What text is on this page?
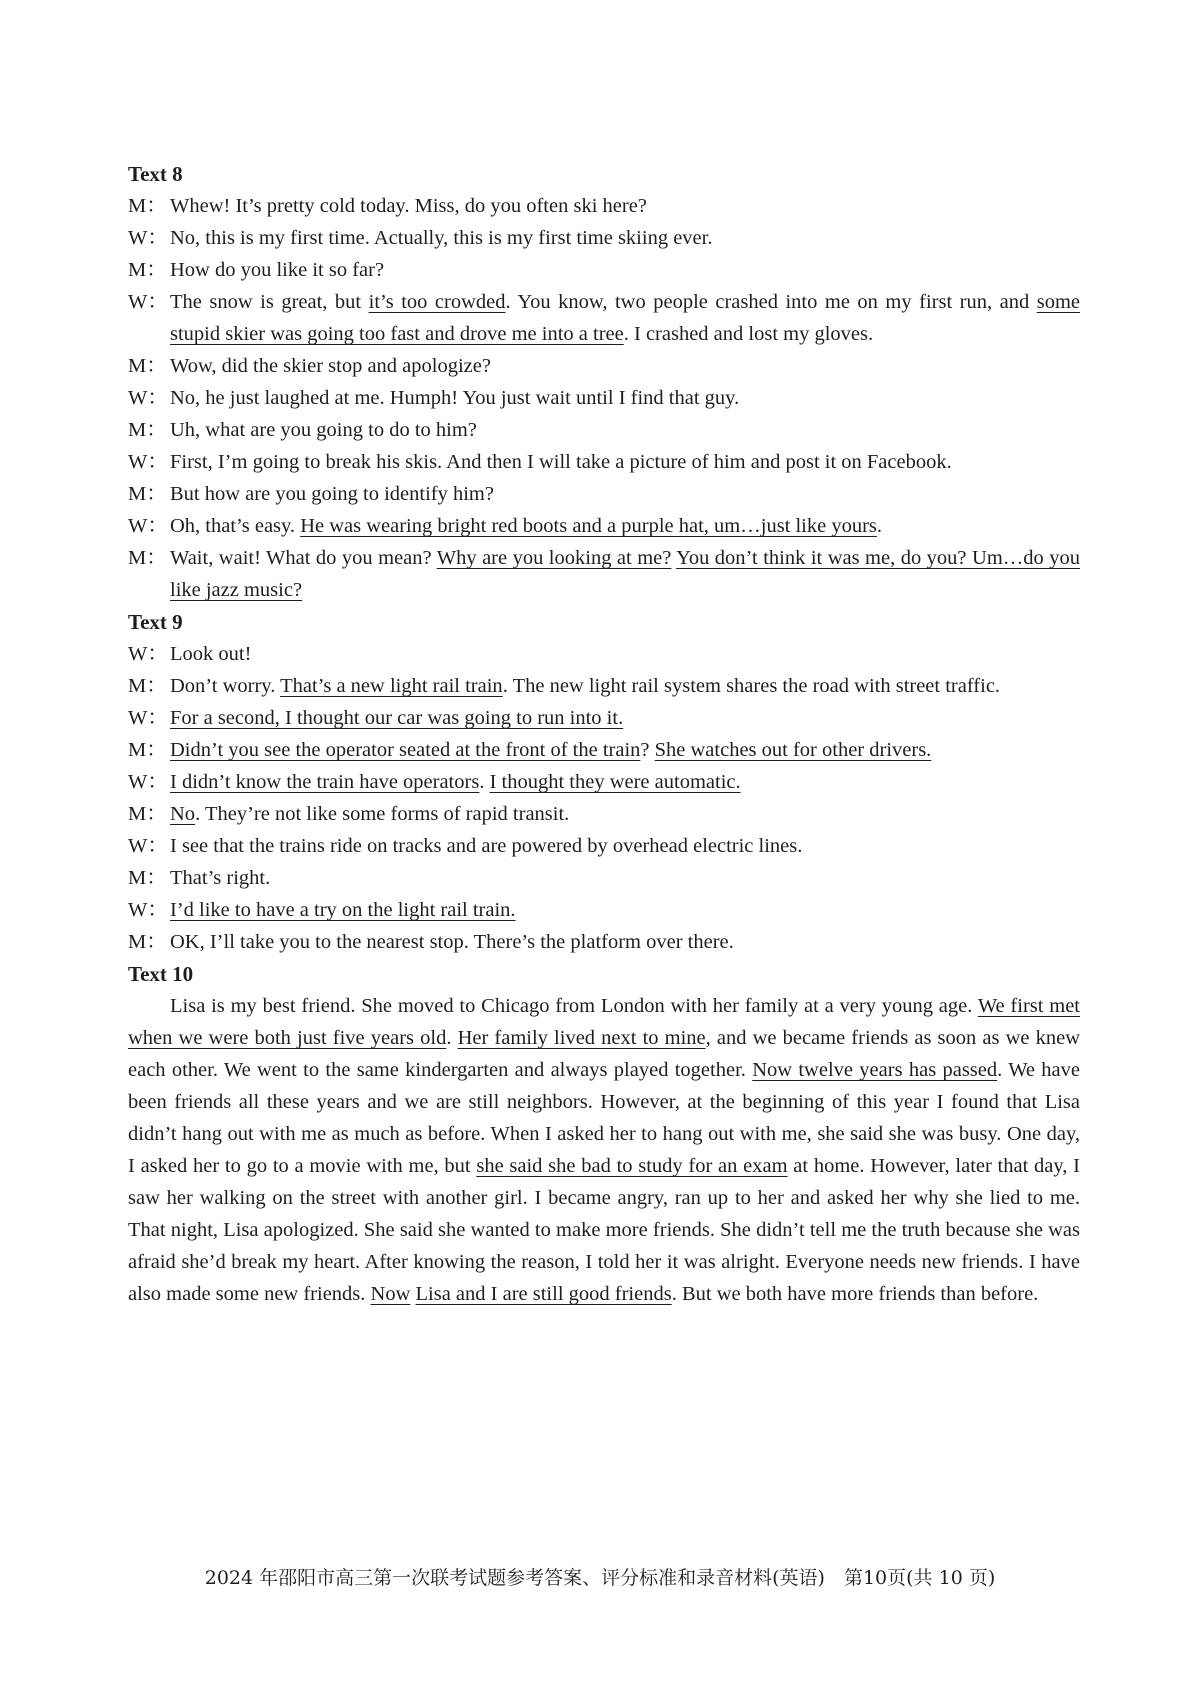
Text 8
M： Whew! It’s pretty cold today. Miss, do you often ski here?
W： No, this is my first time. Actually, this is my first time skiing ever.
M： How do you like it so far?
W： The snow is great, but it’s too crowded. You know, two people crashed into me on my first run, and some stupid skier was going too fast and drove me into a tree. I crashed and lost my gloves.
M： Wow, did the skier stop and apologize?
W： No, he just laughed at me. Humph! You just wait until I find that guy.
M： Uh, what are you going to do to him?
W： First, I’m going to break his skis. And then I will take a picture of him and post it on Facebook.
M： But how are you going to identify him?
W： Oh, that’s easy. He was wearing bright red boots and a purple hat, um…just like yours.
M： Wait, wait! What do you mean? Why are you looking at me? You don’t think it was me, do you? Um…do you like jazz music?
Text 9
W： Look out!
M： Don’t worry. That’s a new light rail train. The new light rail system shares the road with street traffic.
W： For a second, I thought our car was going to run into it.
M： Didn’t you see the operator seated at the front of the train? She watches out for other drivers.
W： I didn’t know the train have operators. I thought they were automatic.
M： No. They’re not like some forms of rapid transit.
W： I see that the trains ride on tracks and are powered by overhead electric lines.
M： That’s right.
W： I’d like to have a try on the light rail train.
M： OK, I’ll take you to the nearest stop. There’s the platform over there.
Text 10

Lisa is my best friend. She moved to Chicago from London with her family at a very young age. We first met when we were both just five years old. Her family lived next to mine, and we became friends as soon as we knew each other. We went to the same kindergarten and always played together. Now twelve years has passed. We have been friends all these years and we are still neighbors. However, at the beginning of this year I found that Lisa didn’t hang out with me as much as before. When I asked her to hang out with me, she said she was busy. One day, I asked her to go to a movie with me, but she said she bad to study for an exam at home. However, later that day, I saw her walking on the street with another girl. I became angry, ran up to her and asked her why she lied to me. That night, Lisa apologized. She said she wanted to make more friends. She didn’t tell me the truth because she was afraid she’d break my heart. After knowing the reason, I told her it was alright. Everyone needs new friends. I have also made some new friends. Now Lisa and I are still good friends. But we both have more friends than before.

2024 年邵阳市高三第一次联考试题参考答案、评分标准和录音材料(英语)　第10页(共 10 页)
